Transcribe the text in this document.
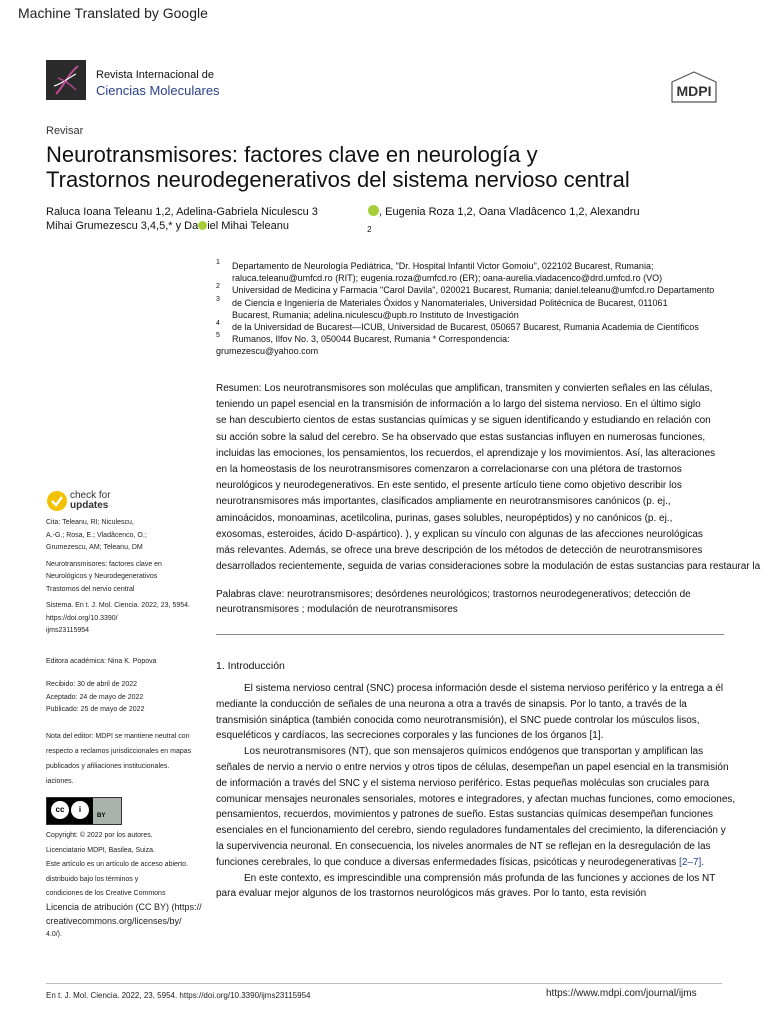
Machine Translated by Google
Revista Internacional de
Ciencias Moleculares	MDPI
Revisar
Neurotransmisores: factores clave en neurología y
Trastornos neurodegenerativos del sistema nervioso central
Raluca Ioana Teleanu 1,2, Adelina-Gabriela Niculescu 3	, Eugenia Roza 1,2, Oana Vladâcenco 1,2, Alexandru
Mihai Grumezescu 3,4,5,* y Da iel Mihai Teleanu	$_2$
1 Departamento de Neurología Pediátrica, "Dr. Hospital Infantil Victor Gomoiu", 022102 Bucarest, Rumania;
raluca.teleanu@umfcd.ro (RIT); eugenia.roza@umfcd.ro (ER); oana-aurelia.vladacenco@drd.umfcd.ro (VO)
2 Universidad de Medicina y Farmacia "Carol Davila", 020021 Bucarest, Rumania; daniel.teleanu@umfcd.ro Departamento
3 de Ciencia e Ingeniería de Materiales Óxidos y Nanomateriales, Universidad Politécnica de Bucarest, 011061
Bucarest, Rumania; adelina.niculescu@upb.ro Instituto de Investigación
4 de la Universidad de Bucarest—ICUB, Universidad de Bucarest, 050657 Bucarest, Rumania Academia de Científicos
5 Rumanos, Ilfov No. 3, 050044 Bucarest, Rumania * Correspondencia:
grumezescu@yahoo.com
Resumen: Los neurotransmisores son moléculas que amplifican, transmiten y convierten señales en las células,
teniendo un papel esencial en la transmisión de información a lo largo del sistema nervioso. En el último siglo
se han descubierto cientos de estas sustancias químicas y se siguen identificando y estudiando en relación con
su acción sobre la salud del cerebro. Se ha observado que estas sustancias influyen en numerosas funciones,
incluidas las emociones, los pensamientos, los recuerdos, el aprendizaje y los movimientos. Así, las alteraciones
en la homeostasis de los neurotransmisores comenzaron a correlacionarse con una plétora de trastornos
neurológicos y neurodegenerativos. En este sentido, el presente artículo tiene como objetivo describir los
neurotransmisores más importantes, clasificados ampliamente en neurotransmisores canónicos (p. ej.,
aminoácidos, monoaminas, acetilcolina, purinas, gases solubles, neuropéptidos) y no canónicos (p. ej.,
exosomas, esteroides, ácido D-aspártico). ), y explican su vínculo con algunas de las afecciones neurológicas
más relevantes. Además, se ofrece una breve descripción de los métodos de detección de neurotransmisores
desarrollados recientemente, seguida de varias consideraciones sobre la modulación de estas sustancias para restaurar la
Palabras clave: neurotransmisores; desórdenes neurológicos; trastornos neurodegenerativos; detección de
neurotransmisores ; modulación de neurotransmisores
check for
updates
Cita: Teleanu, RI; Niculescu,
A.-G.; Rosa, E.; Vladâcenco, O.;
Grumezescu, AM; Teleanu, DM
Neurotransmisores: factores clave en
Neurológicos y Neurodegenerativos
Trastornos del nervio central
Sistema. En t. J. Mol. Ciencia. 2022, 23, 5954.
https://doi.org/10.3390/
ijms23115954
Editora académica: Nina K. Popova
Recibido: 30 de abril de 2022
Aceptado: 24 de mayo de 2022
Publicado: 25 de mayo de 2022
Nota del editor: MDPI se mantiene neutral con
respecto a reclamos jurisdiccionales en mapas
publicados y afiliaciones institucionales.
iaciones.
cc	i
BY
Copyright: © 2022 por los autores.
Licenciatario MDPI, Basilea, Suiza.
Este artículo es un artículo de acceso abierto.
distribuido bajo los términos y
condiciones de los Creative Commons
Licencia de atribución (CC BY) (https://
creativecommons.org/licenses/by/
4.0/).
1. Introducción

El sistema nervioso central (SNC) procesa información desde el sistema nervioso periférico y la entrega a él mediante la conducción de señales de una neurona a otra a través de sinapsis. Por lo tanto, a través de la transmisión sináptica (también conocida como neurotransmisión), el SNC puede controlar los músculos lisos, esqueléticos y cardíacos, las secreciones corporales y las funciones de los órganos [1].

Los neurotransmisores (NT), que son mensajeros químicos endógenos que transportan y amplifican las señales de nervio a nervio o entre nervios y otros tipos de células, desempeñan un papel esencial en la transmisión de información a través del SNC y el sistema nervioso periférico. Estas pequeñas moléculas son cruciales para comunicar mensajes neuronales sensoriales, motores e integradores, y afectan muchas funciones, como emociones, pensamientos, recuerdos, movimientos y patrones de sueño. Estas sustancias químicas desempeñan funciones esenciales en el funcionamiento del cerebro, siendo reguladores fundamentales del crecimiento, la diferenciación y la supervivencia neuronal. En consecuencia, los niveles anormales de NT se reflejan en la desregulación de las funciones cerebrales, lo que conduce a diversas enfermedades físicas, psicóticas y neurodegenerativas [2–7].

En este contexto, es imprescindible una comprensión más profunda de las funciones y acciones de los NT para evaluar mejor algunos de los trastornos neurológicos más graves. Por lo tanto, esta revisión

En t. J. Mol. Ciencia. 2022, 23, 5954. https://doi.org/10.3390/ijms23115954	https://www.mdpi.com/journal/ijms
